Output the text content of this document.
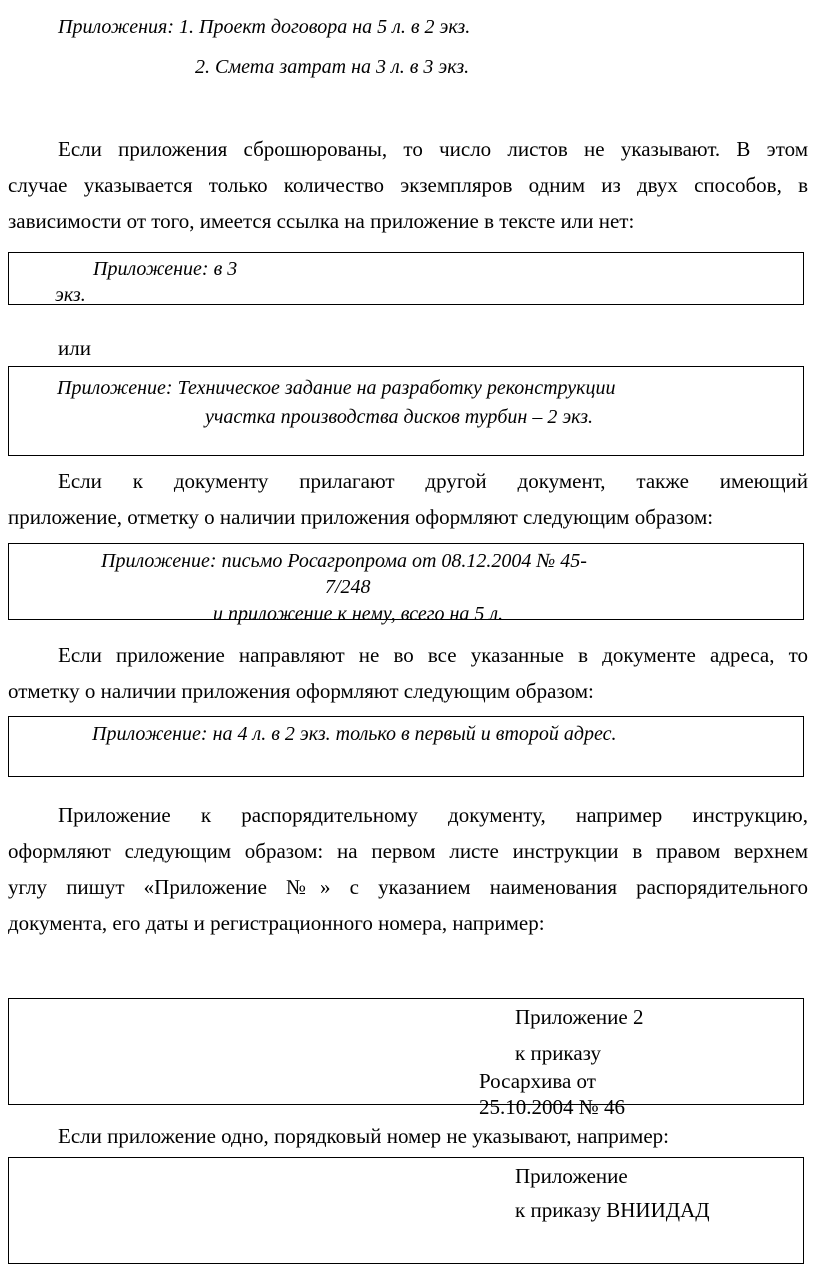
Приложения: 1. Проект договора на 5 л. в 2 экз.
2. Смета затрат на 3 л. в 3 экз.
Если приложения сброшюрованы, то число листов не указывают. В этом
случае указывается только количество экземпляров одним из двух способов, в
зависимости от того, имеется ссылка на приложение в тексте или нет:
Приложение: в 3
экз.
или
Приложение: Техническое задание на разработку реконструкции
участка производства дисков турбин – 2 экз.
Если к документу прилагают другой документ, также имеющий
приложение, отметку о наличии приложения оформляют следующим образом:
Приложение: письмо Росагропрома от 08.12.2004 № 45-
7/248
и приложение к нему, всего на 5 л.
Если приложение направляют не во все указанные в документе адреса, то
отметку о наличии приложения оформляют следующим образом:
Приложение: на 4 л. в 2 экз. только в первый и второй адрес.
Приложение к распорядительному документу, например инструкцию,
оформляют следующим образом: на первом листе инструкции в правом верхнем
углу пишут «Приложение №» с указанием наименования распорядительного
документа, его даты и регистрационного номера, например:
Приложение 2
к приказу
Росархива от
25.10.2004 № 46
Если приложение одно, порядковый номер не указывают, например:
Приложение
к приказу ВНИИДАД
